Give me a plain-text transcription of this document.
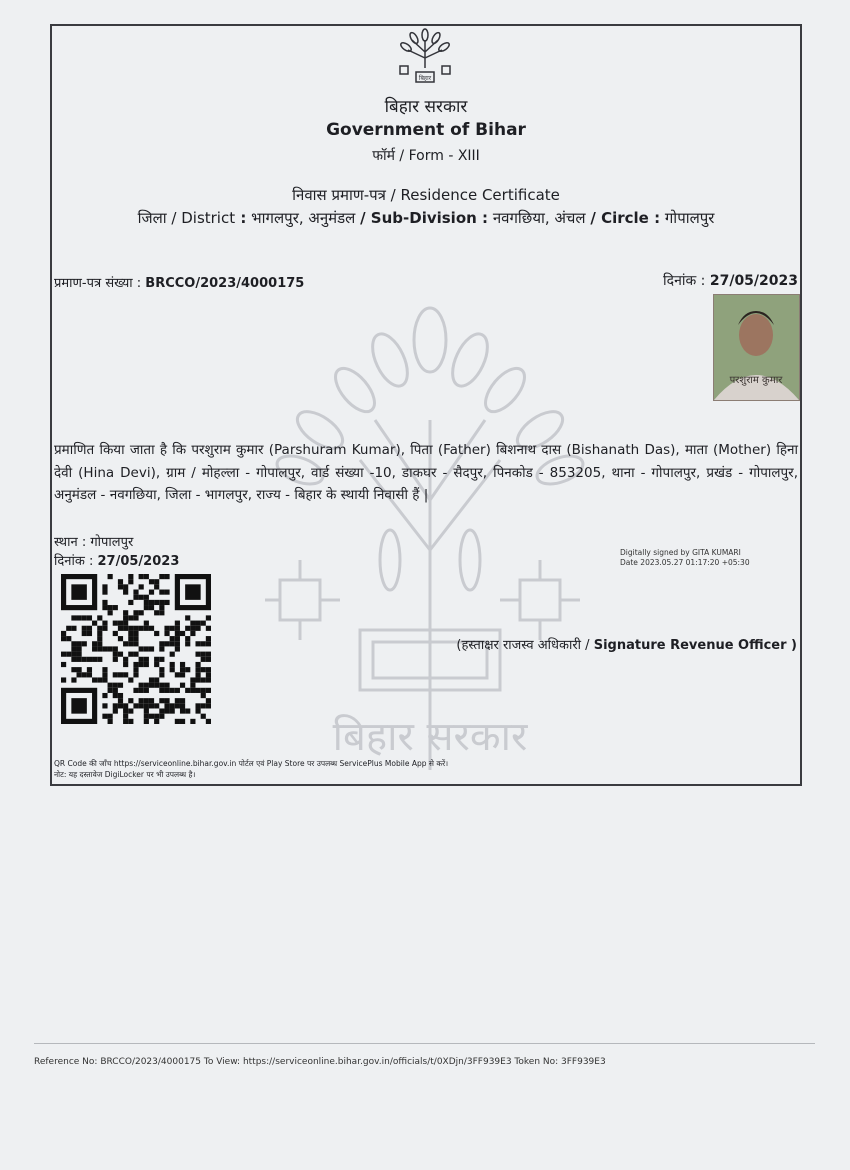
बिहार सरकार
बिहार
बिहार सरकार
Government of Bihar
फॉर्म / Form - XIII
निवास प्रमाण-पत्र / Residence Certificate
जिला / District : भागलपुर, अनुमंडल / Sub-Division : नवगछिया, अंचल / Circle : गोपालपुर
प्रमाण-पत्र संख्या : BRCCO/2023/4000175	दिनांक : 27/05/2023
परशुराम कुमार
प्रमाणित किया जाता है कि परशुराम कुमार (Parshuram Kumar), पिता (Father) बिशनाथ दास (Bishanath Das), माता (Mother) हिना देवी (Hina Devi), ग्राम / मोहल्ला - गोपालपुर, वार्ड संख्या -10, डाकघर - सैदपुर, पिनकोड - 853205, थाना - गोपालपुर, प्रखंड - गोपालपुर, अनुमंडल - नवगछिया, जिला - भागलपुर, राज्य - बिहार के स्थायी निवासी हैं |
स्थान : गोपालपुर
दिनांक : 27/05/2023
Digitally signed by GITA KUMARI
Date 2023.05.27 01:17:20 +05:30
(हस्ताक्षर राजस्व अधिकारी / Signature Revenue Officer )
QR Code की जाँच https://serviceonline.bihar.gov.in पोर्टल एवं Play Store पर उपलब्ध ServicePlus Mobile App से करें।
नोट: यह दस्तावेज DigiLocker पर भी उपलब्ध है।
Reference No: BRCCO/2023/4000175 To View: https://serviceonline.bihar.gov.in/officials/t/0XDjn/3FF939E3 Token No: 3FF939E3
